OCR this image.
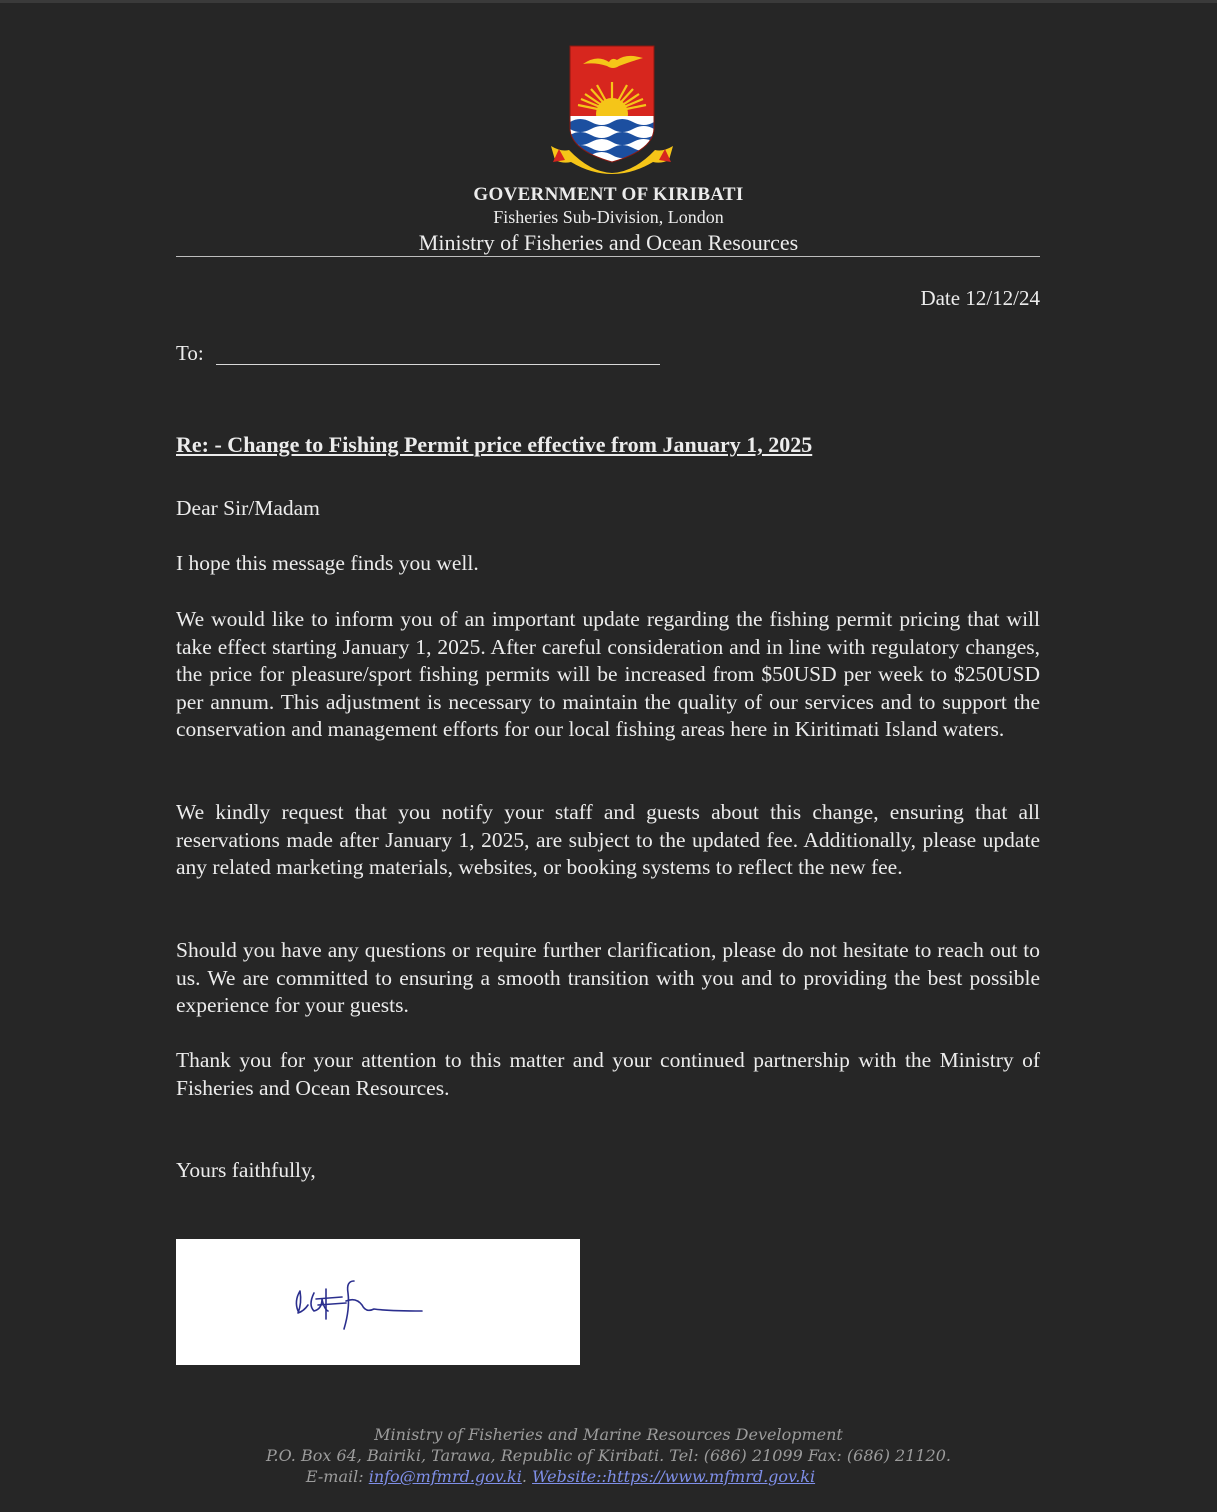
GOVERNMENT OF KIRIBATI
Fisheries Sub-Division, London
Ministry of Fisheries and Ocean Resources
Date 12/12/24
To:
Re: - Change to Fishing Permit price effective from January 1, 2025

Dear Sir/Madam

I hope this message finds you well.

We would like to inform you of an important update regarding the fishing permit pricing that will take effect starting January 1, 2025. After careful consideration and in line with regulatory changes, the price for pleasure/sport fishing permits will be increased from $50USD per week to $250USD per annum. This adjustment is necessary to maintain the quality of our services and to support the conservation and management efforts for our local fishing areas here in Kiritimati Island waters.

We kindly request that you notify your staff and guests about this change, ensuring that all reservations made after January 1, 2025, are subject to the updated fee. Additionally, please update any related marketing materials, websites, or booking systems to reflect the new fee.

Should you have any questions or require further clarification, please do not hesitate to reach out to us. We are committed to ensuring a smooth transition with you and to providing the best possible experience for your guests.

Thank you for your attention to this matter and your continued partnership with the Ministry of Fisheries and Ocean Resources.

Yours faithfully,

Ministry of Fisheries and Marine Resources Development
P.O. Box 64, Bairiki, Tarawa, Republic of Kiribati. Tel: (686) 21099 Fax: (686) 21120.
E-mail: info@mfmrd.gov.ki. Website::https://www.mfmrd.gov.ki
